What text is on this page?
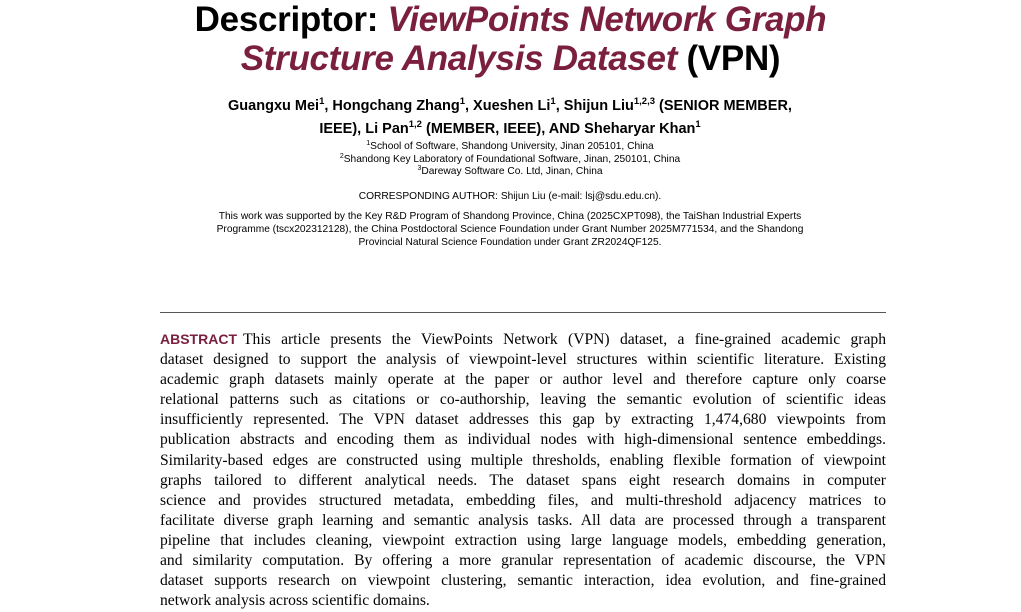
Descriptor: ViewPoints Network Graph
Structure Analysis Dataset (VPN)
Guangxu Mei$^1$, Hongchang Zhang$^1$, Xueshen Li$^1$, Shijun Liu$^{1,2,3}$ (SENIOR MEMBER,
IEEE), Li Pan$^{1,2}$ (MEMBER, IEEE), AND Sheharyar Khan$^1$
$^1$School of Software, Shandong University, Jinan 205101, China
$^2$Shandong Key Laboratory of Foundational Software, Jinan, 250101, China
$^3$Dareway Software Co. Ltd, Jinan, China
CORRESPONDING AUTHOR: Shijun Liu (e-mail: lsj@sdu.edu.cn).
This work was supported by the Key R&D Program of Shandong Province, China (2025CXPT098), the TaiShan Industrial Experts
Programme (tscx202312128), the China Postdoctoral Science Foundation under Grant Number 2025M771534, and the Shandong
Provincial Natural Science Foundation under Grant ZR2024QF125.
ABSTRACT This article presents the ViewPoints Network (VPN) dataset, a fine-grained academic graph
dataset designed to support the analysis of viewpoint-level structures within scientific literature. Existing
academic graph datasets mainly operate at the paper or author level and therefore capture only coarse
relational patterns such as citations or co-authorship, leaving the semantic evolution of scientific ideas
insufficiently represented. The VPN dataset addresses this gap by extracting 1,474,680 viewpoints from
publication abstracts and encoding them as individual nodes with high-dimensional sentence embeddings.
Similarity-based edges are constructed using multiple thresholds, enabling flexible formation of viewpoint
graphs tailored to different analytical needs. The dataset spans eight research domains in computer
science and provides structured metadata, embedding files, and multi-threshold adjacency matrices to
facilitate diverse graph learning and semantic analysis tasks. All data are processed through a transparent
pipeline that includes cleaning, viewpoint extraction using large language models, embedding generation,
and similarity computation. By offering a more granular representation of academic discourse, the VPN
dataset supports research on viewpoint clustering, semantic interaction, idea evolution, and fine-grained
network analysis across scientific domains.
